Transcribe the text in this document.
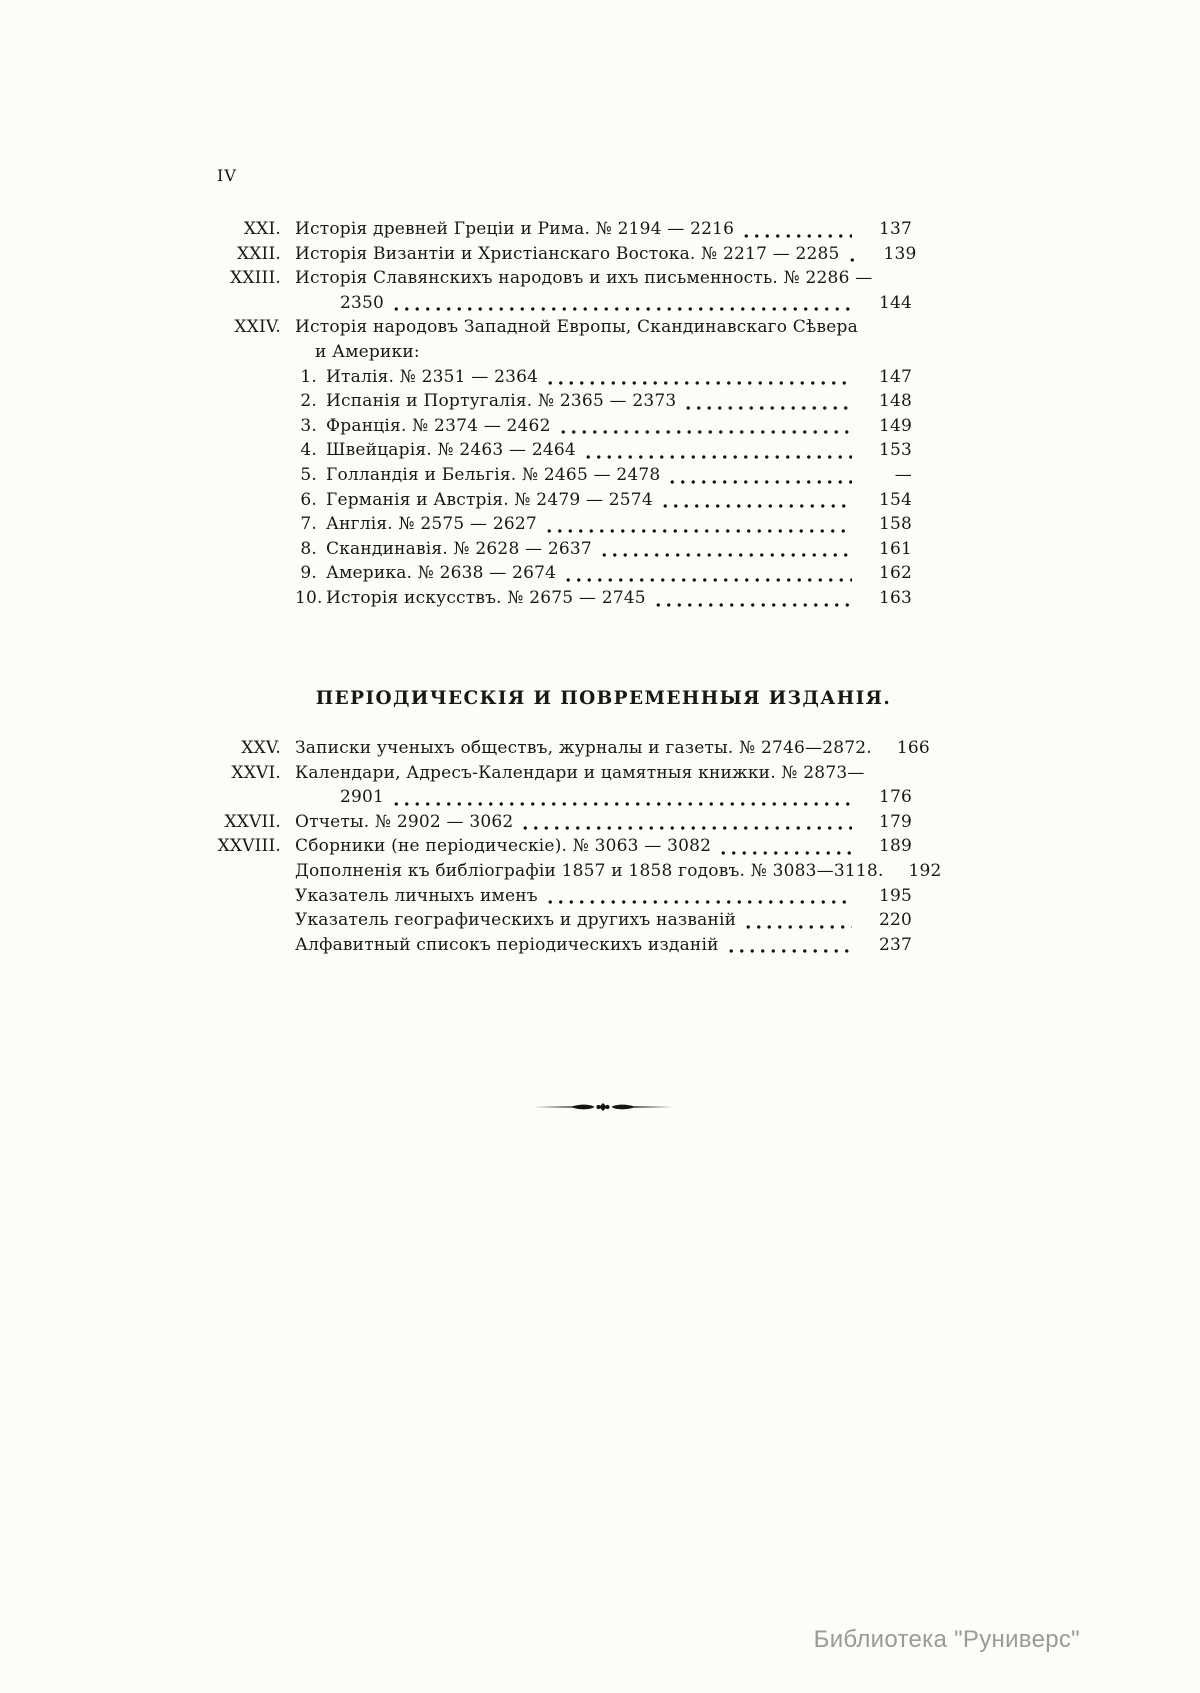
IV
XXI. Исторія древней Греціи и Рима. № 2194 — 2216	137
XXII. Исторія Византіи и Христіанскаго Востока. № 2217 — 2285	139
XXIII. Исторія Славянскихъ народовъ и ихъ письменность. № 2286 —
2350	144
XXIV. Исторія народовъ Западной Европы, Скандинавскаго Сѣвера
и Америки:
1. Италія. № 2351 — 2364	147
2. Испанія и Португалія. № 2365 — 2373	148
3. Франція. № 2374 — 2462	149
4. Швейцарія. № 2463 — 2464	153
5. Голландія и Бельгія. № 2465 — 2478	—
6. Германія и Австрія. № 2479 — 2574	154
7. Англія. № 2575 — 2627	158
8. Скандинавія. № 2628 — 2637	161
9. Америка. № 2638 — 2674	162
10. Исторія искусствъ. № 2675 — 2745	163
ПЕРІОДИЧЕСКІЯ И ПОВРЕМЕННЫЯ ИЗДАНІЯ.
XXV. Записки ученыхъ обществъ, журналы и газеты. № 2746—2872.	166
XXVI. Календари, Адресъ-Календари и цамятныя книжки. № 2873—
2901	176
XXVII. Отчеты. № 2902 — 3062	179
XXVIII. Сборники (не періодическіе). № 3063 — 3082	189
Дополненія къ библіографіи 1857 и 1858 годовъ. № 3083—3118.	192
Указатель личныхъ именъ	195
Указатель географическихъ и другихъ названій	220
Алфавитный списокъ періодическихъ изданій	237
Библиотека "Руниверс"
